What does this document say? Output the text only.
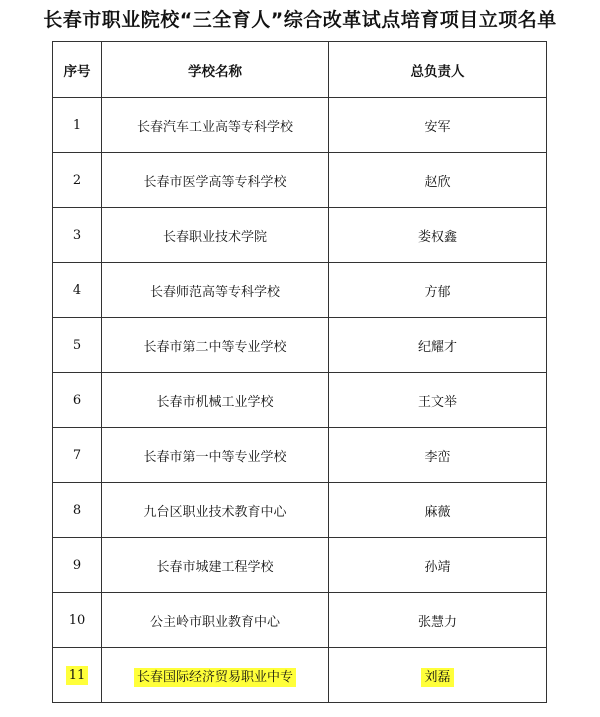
长春市职业院校“三全育人”综合改革试点培育项目立项名单
序号	学校名称	总负责人
1	长春汽车工业高等专科学校	安军
2	长春市医学高等专科学校	赵欣
3	长春职业技术学院	娄权鑫
4	长春师范高等专科学校	方郁
5	长春市第二中等专业学校	纪耀才
6	长春市机械工业学校	王文举
7	长春市第一中等专业学校	李峦
8	九台区职业技术教育中心	麻薇
9	长春市城建工程学校	孙靖
10	公主岭市职业教育中心	张慧力
11	长春国际经济贸易职业中专	刘磊
